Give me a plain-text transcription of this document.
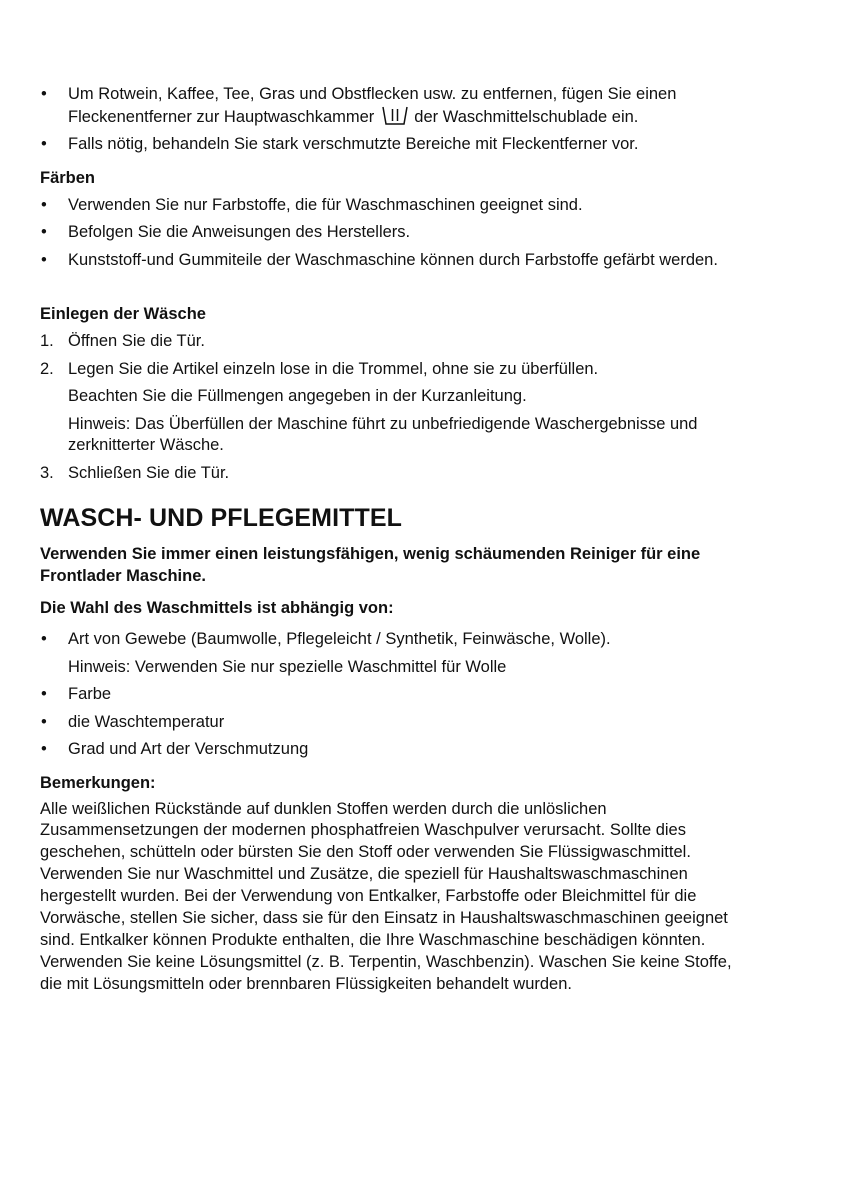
•	Um Rotwein, Kaffee, Tee, Gras und Obstflecken usw. zu entfernen, fügen Sie einen
Fleckenentferner zur Hauptwaschkammer der Waschmittelschublade ein.
•	Falls nötig, behandeln Sie stark verschmutzte Bereiche mit Fleckentferner vor.
Färben
•	Verwenden Sie nur Farbstoffe, die für Waschmaschinen geeignet sind.
•	Befolgen Sie die Anweisungen des Herstellers.
•	Kunststoff-und Gummiteile der Waschmaschine können durch Farbstoffe gefärbt werden.
Einlegen der Wäsche
1. Öffnen Sie die Tür.
2. Legen Sie die Artikel einzeln lose in die Trommel, ohne sie zu überfüllen.
Beachten Sie die Füllmengen angegeben in der Kurzanleitung.
Hinweis: Das Überfüllen der Maschine führt zu unbefriedigende Waschergebnisse und zerknitterter Wäsche.
3. Schließen Sie die Tür.
WASCH- UND PFLEGEMITTEL
Verwenden Sie immer einen leistungsfähigen, wenig schäumenden Reiniger für eine Frontlader Maschine.
Die Wahl des Waschmittels ist abhängig von:
•	Art von Gewebe (Baumwolle, Pflegeleicht / Synthetik, Feinwäsche, Wolle).
Hinweis: Verwenden Sie nur spezielle Waschmittel für Wolle
•	Farbe
•	die Waschtemperatur
•	Grad und Art der Verschmutzung
Bemerkungen:
Alle weißlichen Rückstände auf dunklen Stoffen werden durch die unlöslichen Zusammensetzungen der modernen phosphatfreien Waschpulver verursacht. Sollte dies geschehen, schütteln oder bürsten Sie den Stoff oder verwenden Sie Flüssigwaschmittel. Verwenden Sie nur Waschmittel und Zusätze, die speziell für Haushaltswaschmaschinen hergestellt wurden. Bei der Verwendung von Entkalker, Farbstoffe oder Bleichmittel für die Vorwäsche, stellen Sie sicher, dass sie für den Einsatz in Haushaltswaschmaschinen geeignet sind. Entkalker können Produkte enthalten, die Ihre Waschmaschine beschädigen könnten. Verwenden Sie keine Lösungsmittel (z. B. Terpentin, Waschbenzin). Waschen Sie keine Stoffe, die mit Lösungsmitteln oder brennbaren Flüssigkeiten behandelt wurden.
